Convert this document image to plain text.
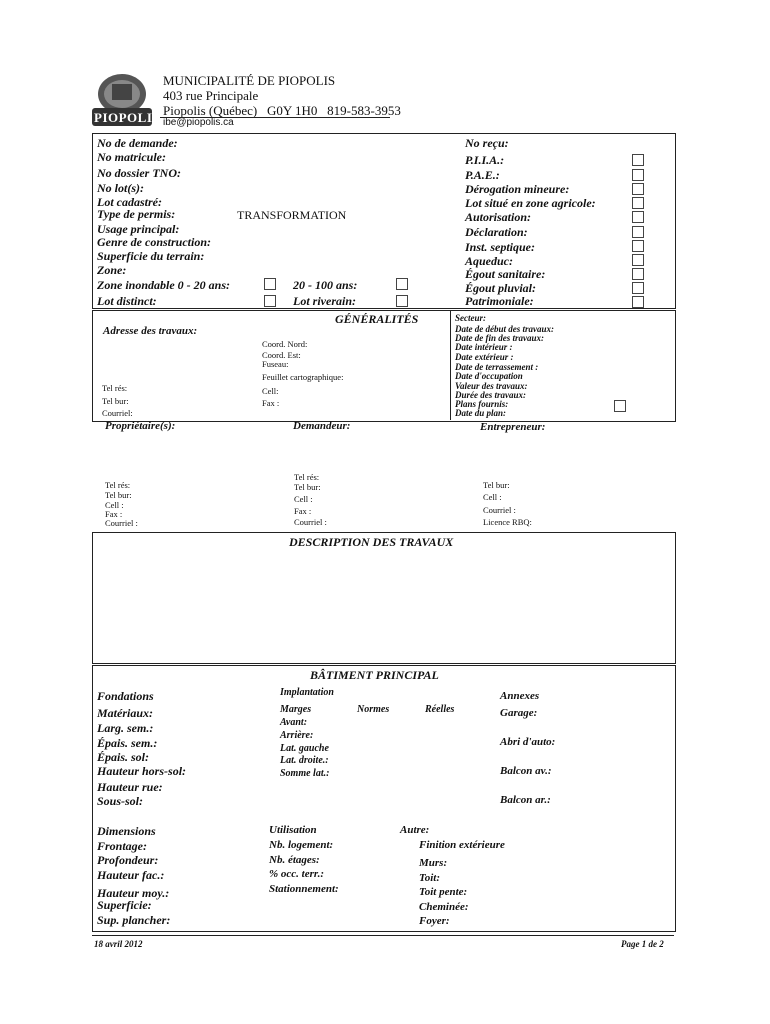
PIOPOLIS
MUNICIPALITÉ DE PIOPOLIS
403 rue Principale
Piopolis (Québec)   G0Y 1H0   819-583-3953
ibe@piopolis.ca
No de demande:
No matricule:
No dossier TNO:
No lot(s):
Lot cadastré:
Type de permis:	TRANSFORMATION
Usage principal:
Genre de construction:
Superficie du terrain:
Zone:
Zone inondable 0 - 20 ans:	20 - 100 ans:
Lot distinct:	Lot riverain:
No reçu:
P.I.I.A.:
P.A.E.:
Dérogation mineure:
Lot situé en zone agricole:
Autorisation:
Déclaration:
Inst. septique:
Aqueduc:
Égout sanitaire:
Égout pluvial:
Patrimoniale:
GÉNÉRALITÉS
Adresse des travaux:
Coord. Nord:
Coord. Est:
Fuseau:
Feuillet cartographique:
Tel rés:	Cell:
Tel bur:	Fax :
Courriel:
Secteur:
Date de début des travaux:
Date de fin des travaux:
Date intérieur :
Date extérieur :
Date de terrassement :
Date d'occupation
Valeur des travaux:
Durée des travaux:
Plans fournis:
Date du plan:
Propriétaire(s):	Demandeur:	Entrepreneur:
Tel rés:
Tel bur:
Cell :
Fax :
Courriel :
Tel rés:
Tel bur:
Cell :
Fax :
Courriel :
Tel bur:
Cell :
Courriel :
Licence RBQ:
DESCRIPTION DES TRAVAUX
BÂTIMENT PRINCIPAL
Fondations
Matériaux:
Larg. sem.:
Épais. sem.:
Épais. sol:
Hauteur hors-sol:
Hauteur rue:
Sous-sol:
Implantation
Marges	Normes	Réelles
Avant:
Arrière:
Lat. gauche
Lat. droite.:
Somme lat.:
Annexes
Garage:
Abri d'auto:
Balcon av.:
Balcon ar.:
Dimensions
Frontage:
Profondeur:
Hauteur fac.:
Hauteur moy.:
Superficie:
Sup. plancher:
Utilisation
Nb. logement:
Nb. étages:
% occ. terr.:
Stationnement:
Autre:
Finition extérieure
Murs:
Toit:
Toit pente:
Cheminée:
Foyer:
18 avril 2012	Page 1 de 2
